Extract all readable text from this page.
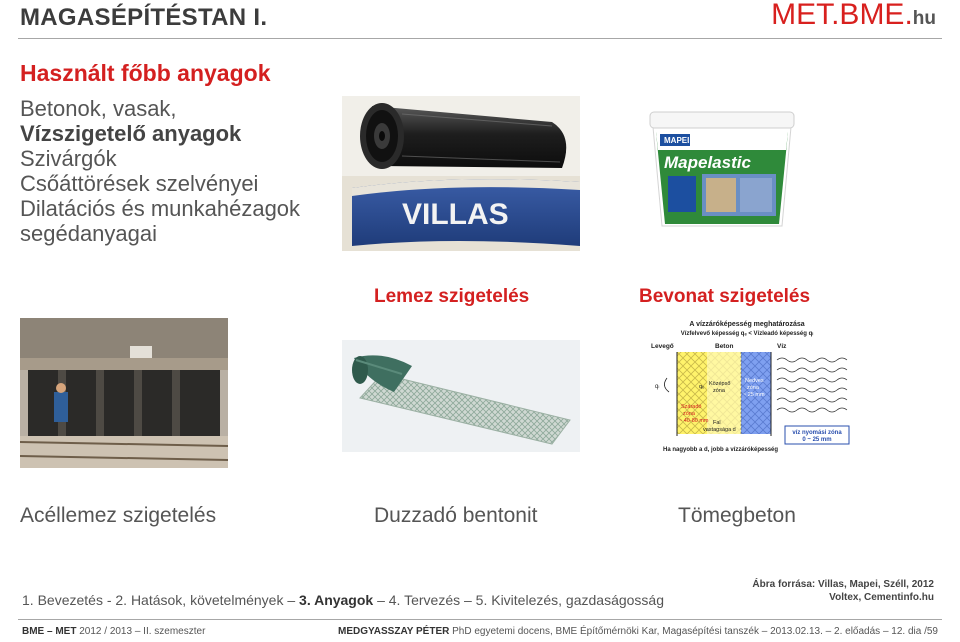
MAGASÉPÍTÉSTAN I.	MET.BME.hu
Használt főbb anyagok
Betonok, vasak,
Vízszigetelő anyagok
Szivárgók
Csőáttörések szelvényei
Dilatációs és munkahézagok
segédanyagai
VILLAS
MAPEI
Mapelastic
A vízzáróképesség meghatározása
Vízfelvevő képesség qₑ < Vízleadó képesség qₗ
Levegő	Beton	Víz
Középső
zóna
Nedves
zóna
~ 25 mm
Száradó
zóna
~ 40-80 mm Fal
vastagsága d
qₗ	qₑ
víz nyomási zóna
0 ~ 25 mm
Ha nagyobb a d, jobb a vízzáróképesség
Lemez szigetelés	Bevonat szigetelés
Acéllemez szigetelés	Duzzadó bentonit	Tömegbeton
1. Bevezetés - 2. Hatások, követelmények – 3. Anyagok – 4. Tervezés – 5. Kivitelezés, gazdaságosság
Ábra forrása: Villas, Mapei, Széll, 2012
Voltex, Cementinfo.hu
BME – MET 2012 / 2013 – II. szemeszter	MEDGYASSZAY PÉTER PhD egyetemi docens, BME Építőmérnöki Kar, Magasépítési tanszék – 2013.02.13. – 2. előadás – 12. dia /59
